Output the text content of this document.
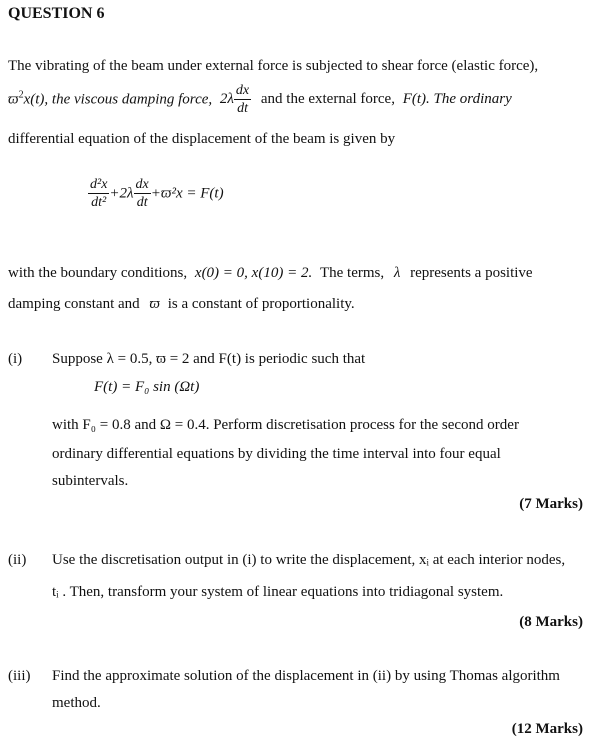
QUESTION 6
The vibrating of the beam under external force is subjected to shear force (elastic force),
$ϖ^2x(t)$, the viscous damping force, $2\lambda \frac{dx}{dt}$ and the external force, F(t). The ordinary
differential equation of the displacement of the beam is given by
$\frac{\text{d²x}}{\text{dt²}} +2\lambda \frac{dx}{dt} +ϖ^2x = F(t)$
with the boundary conditions, x(0) = 0, x(10) = 2. The terms, λ represents a positive
damping constant and ϖ is a constant of proportionality.
(i) Suppose λ = 0.5, ϖ = 2 and F(t) is periodic such that
F(t) = F₀ sin (Ωt)
with F₀ = 0.8 and Ω = 0.4. Perform discretisation process for the second order
ordinary differential equations by dividing the time interval into four equal
subintervals.
(7 Marks)
(ii) Use the discretisation output in (i) to write the displacement, xᵢ at each interior nodes,
tᵢ . Then, transform your system of linear equations into tridiagonal system.
(8 Marks)
(iii) Find the approximate solution of the displacement in (ii) by using Thomas algorithm
method.
(12 Marks)
